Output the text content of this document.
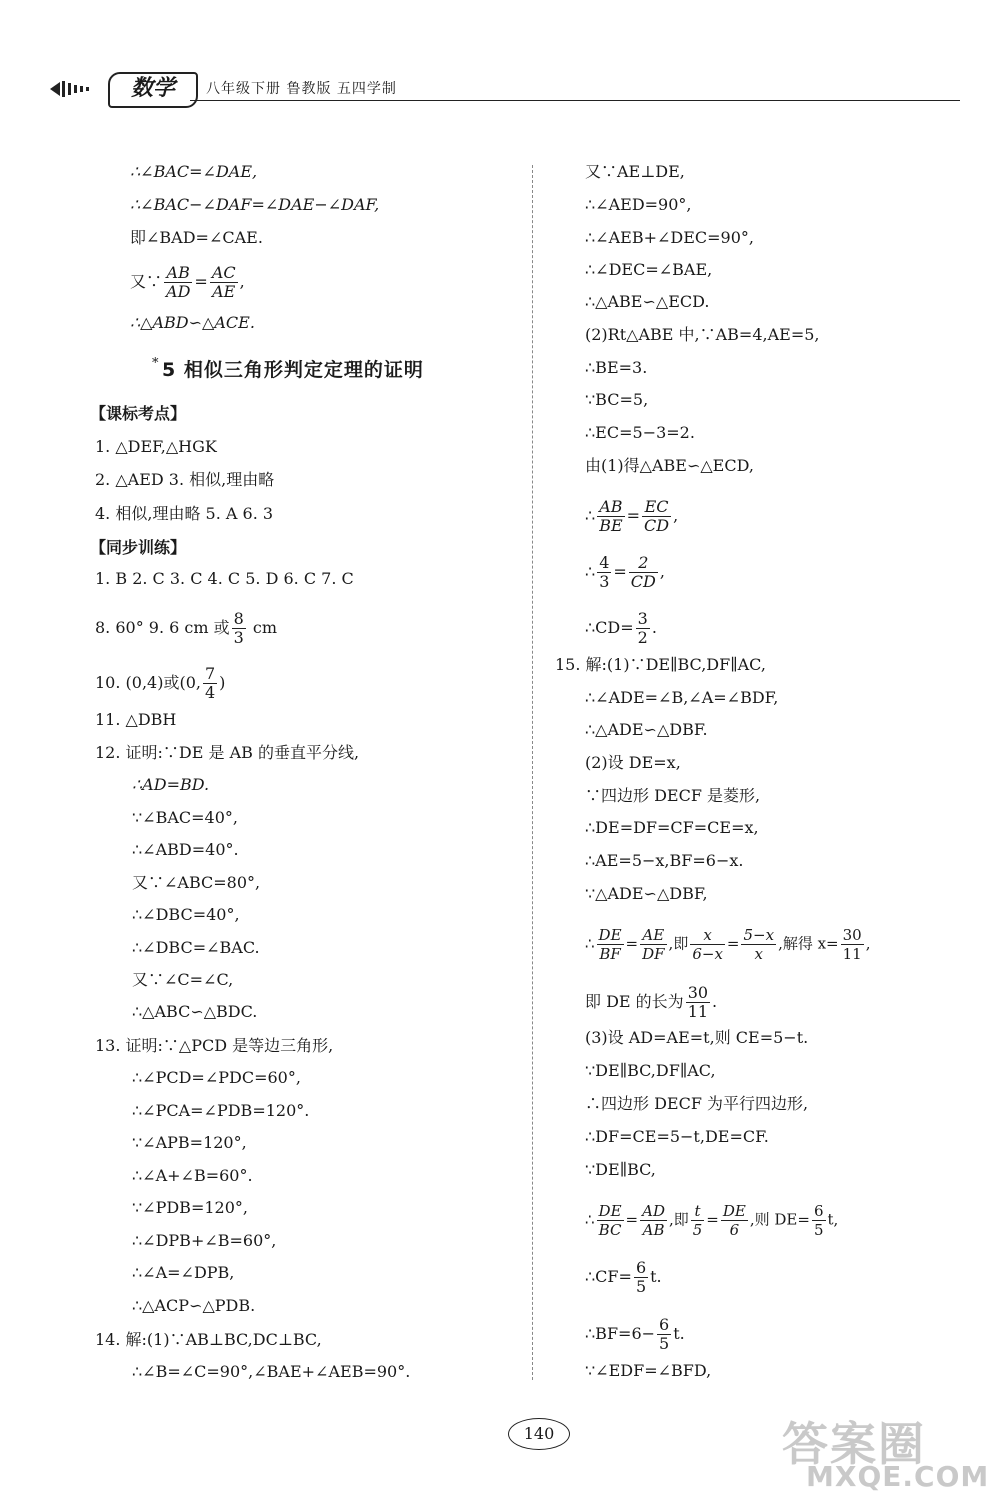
数学	八年级下册 鲁教版 五四学制
∴∠BAC=∠DAE,
∴∠BAC−∠DAF=∠DAE−∠DAF,
即∠BAD=∠CAE.
又∵ $\frac{AB}{AD} = \frac{AC}{AE}$ ,
∴△ABD∽△ACE.
* 5 相似三角形判定定理的证明
【课标考点】
1. △DEF,△HGK
2. △AED 3. 相似,理由略
4. 相似,理由略 5. A 6. 3
【同步训练】
1. B 2. C 3. C 4. C 5. D 6. C 7. C
8. 60° 9. 6 cm 或 $\frac{8}{3}$ cm
10. (0,4)或(0, $\frac{7}{4}$ )
11. △DBH
12. 证明:∵DE 是 AB 的垂直平分线,
∴AD=BD.
∵∠BAC=40°,
∴∠ABD=40°.
又∵∠ABC=80°,
∴∠DBC=40°,
∴∠DBC=∠BAC.
又∵∠C=∠C,
∴△ABC∽△BDC.
13. 证明:∵△PCD 是等边三角形,
∴∠PCD=∠PDC=60°,
∴∠PCA=∠PDB=120°.
∵∠APB=120°,
∴∠A+∠B=60°.
∵∠PDB=120°,
∴∠DPB+∠B=60°,
∴∠A=∠DPB,
∴△ACP∽△PDB.
14. 解:(1)∵AB⊥BC,DC⊥BC,
∴∠B=∠C=90°,∠BAE+∠AEB=90°.
又∵AE⊥DE,
∴∠AED=90°,
∴∠AEB+∠DEC=90°,
∴∠DEC=∠BAE,
∴△ABE∽△ECD.
(2)Rt△ABE 中,∵AB=4,AE=5,
∴BE=3.
∵BC=5,
∴EC=5−3=2.
由(1)得△ABE∽△ECD,
∴ $\frac{AB}{BE} = \frac{EC}{CD}$ ,
∴ $\frac{4}{3} = \frac{2}{CD}$ ,
∴CD= $\frac{3}{2}$ .
15. 解:(1)∵DE∥BC,DF∥AC,
∴∠ADE=∠B,∠A=∠BDF,
∴△ADE∽△DBF.
(2)设 DE=x,
∵四边形 DECF 是菱形,
∴DE=DF=CF=CE=x,
∴AE=5−x,BF=6−x.
∵△ADE∽△DBF,
∴ $\frac{DE}{BF} = \frac{AE}{DF}$ ,即 $\frac{x}{6-x} = \frac{5-x}{x}$ ,解得 $x= \frac{30}{11}$ ,
即 DE 的长为 $\frac{30}{11}$ .
(3)设 AD=AE=t,则 CE=5−t.
∵DE∥BC,DF∥AC,
∴四边形 DECF 为平行四边形,
∴DF=CE=5−t,DE=CF.
∵DE∥BC,
∴ $\frac{DE}{BC} = \frac{AD}{AB}$ ,即 $\frac{t}{5} = \frac{DE}{6}$ ,则 $DE= \frac{6}{5} t$,
∴CF= $\frac{6}{5} t$.
∴BF=6− $\frac{6}{5} t$.
∵∠EDF=∠BFD,
140	答案圈
MXQE.COM
